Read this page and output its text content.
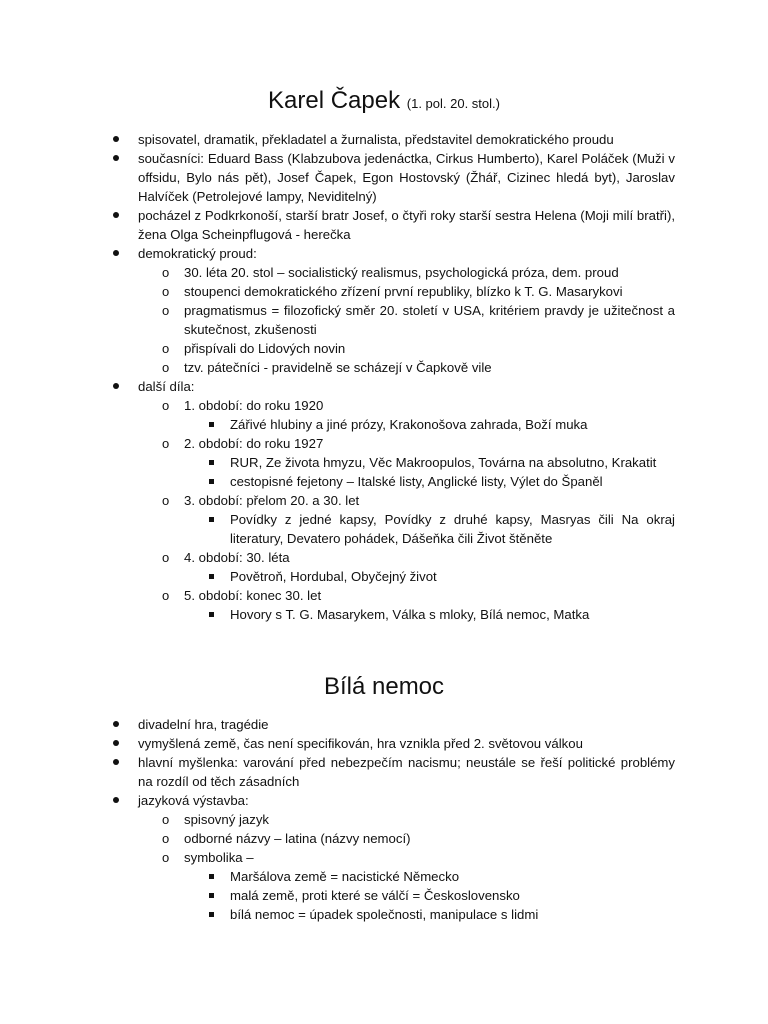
Karel Čapek (1. pol. 20. stol.)
spisovatel, dramatik, překladatel a žurnalista, představitel demokratického proudu
současníci: Eduard Bass (Klabzubova jedenáctka, Cirkus Humberto), Karel Poláček (Muži v offsidu, Bylo nás pět), Josef Čapek, Egon Hostovský (Žhář, Cizinec hledá byt), Jaroslav Halvíček (Petrolejové lampy, Neviditelný)
pocházel z Podkrkonoší, starší bratr Josef, o čtyři roky starší sestra Helena (Moji milí bratři), žena Olga Scheinpflugová - herečka
demokratický proud:
o 30. léta 20. stol – socialistický realismus, psychologická próza, dem. proud
o stoupenci demokratického zřízení první republiky, blízko k T. G. Masarykovi
o pragmatismus = filozofický směr 20. století v USA, kritériem pravdy je užitečnost a skutečnost, zkušenosti
o přispívali do Lidových novin
o tzv. pátečníci - pravidelně se scházejí v Čapkově vile
další díla:
o 1. období: do roku 1920
Zářivé hlubiny a jiné prózy, Krakonošova zahrada, Boží muka
o 2. období: do roku 1927
RUR, Ze života hmyzu, Věc Makroopulos, Továrna na absolutno, Krakatit
cestopisné fejetony – Italské listy, Anglické listy, Výlet do Španěl
o 3. období: přelom 20. a 30. let
Povídky z jedné kapsy, Povídky z druhé kapsy, Masryas čili Na okraj literatury, Devatero pohádek, Dášeňka čili Život štěněte
o 4. období: 30. léta
Povětroň, Hordubal, Obyčejný život
o 5. období: konec 30. let
Hovory s T. G. Masarykem, Válka s mloky, Bílá nemoc, Matka
Bílá nemoc
divadelní hra, tragédie
vymyšlená země, čas není specifikován, hra vznikla před 2. světovou válkou
hlavní myšlenka: varování před nebezpečím nacismu; neustále se řeší politické problémy na rozdíl od těch zásadních
jazyková výstavba:
o spisovný jazyk
o odborné názvy – latina (názvy nemocí)
o symbolika –
Maršálova země = nacistické Německo
malá země, proti které se válčí = Československo
bílá nemoc = úpadek společnosti, manipulace s lidmi
